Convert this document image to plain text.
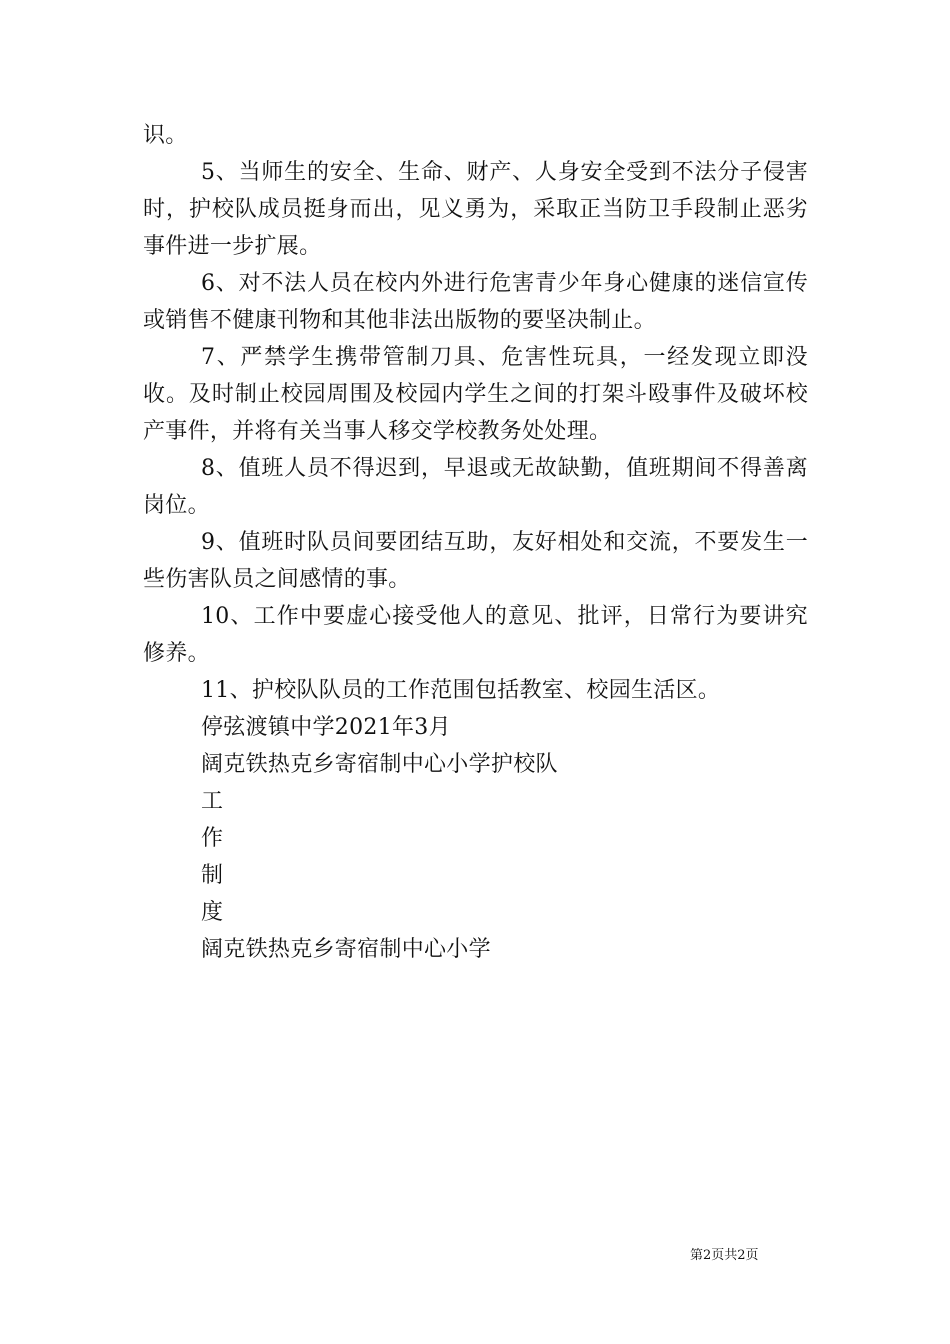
识。

5、当师生的安全、生命、财产、人身安全受到不法分子侵害时，护校队成员挺身而出，见义勇为，采取正当防卫手段制止恶劣事件进一步扩展。

6、对不法人员在校内外进行危害青少年身心健康的迷信宣传或销售不健康刊物和其他非法出版物的要坚决制止。

7、严禁学生携带管制刀具、危害性玩具，一经发现立即没收。及时制止校园周围及校园内学生之间的打架斗殴事件及破坏校产事件，并将有关当事人移交学校教务处处理。

8、值班人员不得迟到，早退或无故缺勤，值班期间不得善离岗位。

9、值班时队员间要团结互助，友好相处和交流，不要发生一些伤害队员之间感情的事。

10、工作中要虚心接受他人的意见、批评，日常行为要讲究修养。

11、护校队队员的工作范围包括教室、校园生活区。

停弦渡镇中学2021年3月

阔克铁热克乡寄宿制中心小学护校队

工

作

制

度

阔克铁热克乡寄宿制中心小学

第2页共2页
